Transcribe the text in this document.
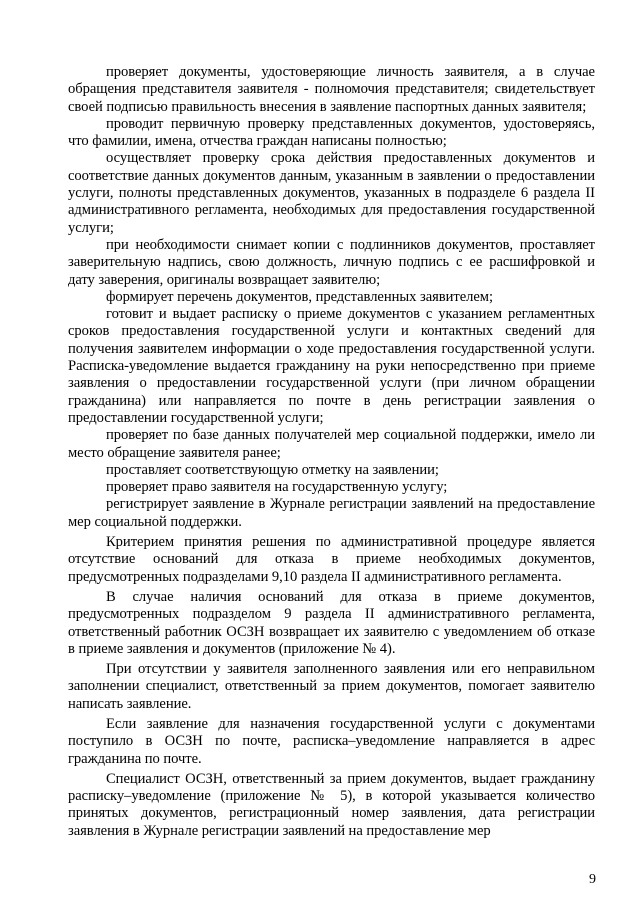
проверяет документы, удостоверяющие личность заявителя, а в случае обращения представителя заявителя - полномочия представителя; свидетельствует своей подписью правильность внесения в заявление паспортных данных заявителя;

проводит первичную проверку представленных документов, удостоверяясь, что фамилии, имена, отчества граждан написаны полностью;

осуществляет проверку срока действия предоставленных документов и соответствие данных документов данным, указанным в заявлении о предоставлении услуги, полноты представленных документов, указанных в подразделе 6 раздела II административного регламента, необходимых для предоставления государственной услуги;

при необходимости снимает копии с подлинников документов, проставляет заверительную надпись, свою должность, личную подпись с ее расшифровкой и дату заверения, оригиналы возвращает заявителю;

формирует перечень документов, представленных заявителем;

готовит и выдает расписку о приеме документов с указанием регламентных сроков предоставления государственной услуги и контактных сведений для получения заявителем информации о ходе предоставления государственной услуги. Расписка-уведомление выдается гражданину на руки непосредственно при приеме заявления о предоставлении государственной услуги (при личном обращении гражданина) или направляется по почте в день регистрации заявления о предоставлении государственной услуги;

проверяет по базе данных получателей мер социальной поддержки, имело ли место обращение заявителя ранее;

проставляет соответствующую отметку на заявлении;

проверяет право заявителя на государственную услугу;

регистрирует заявление в Журнале регистрации заявлений на предоставление мер социальной поддержки.

Критерием принятия решения по административной процедуре является отсутствие оснований для отказа в приеме необходимых документов, предусмотренных подразделами 9,10 раздела II административного регламента.

В случае наличия оснований для отказа в приеме документов, предусмотренных подразделом 9 раздела II административного регламента, ответственный работник ОСЗН возвращает их заявителю с уведомлением об отказе в приеме заявления и документов (приложение № 4).

При отсутствии у заявителя заполненного заявления или его неправильном заполнении специалист, ответственный за прием документов, помогает заявителю написать заявление.

Если заявление для назначения государственной услуги с документами поступило в ОСЗН по почте, расписка–уведомление направляется в адрес гражданина по почте.

Специалист ОСЗН, ответственный за прием документов, выдает гражданину расписку–уведомление (приложение № 5), в которой указывается количество принятых документов, регистрационный номер заявления, дата регистрации заявления в Журнале регистрации заявлений на предоставление мер

9
